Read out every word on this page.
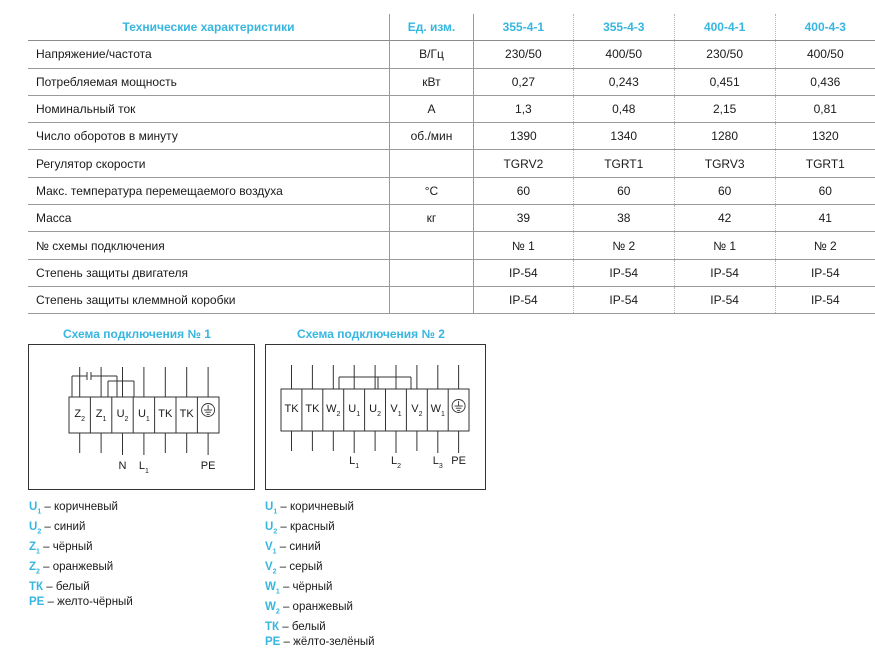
Технические характеристики	Ед. изм.	355-4-1	355-4-3	400-4-1	400-4-3
Напряжение/частота	В/Гц	230/50	400/50	230/50	400/50
Потребляемая мощность	кВт	0,27	0,243	0,451	0,436
Номинальный ток	А	1,3	0,48	2,15	0,81
Число оборотов в минуту	об./мин	1390	1340	1280	1320
Регулятор скорости		TGRV2	TGRT1	TGRV3	TGRT1
Макс. температура перемещаемого воздуха	°С	60	60	60	60
Масса	кг	39	38	42	41
№ схемы подключения		№ 1	№ 2	№ 1	№ 2
Степень защиты двигателя		IP-54	IP-54	IP-54	IP-54
Степень защиты клеммной коробки		IP-54	IP-54	IP-54	IP-54
Схема подключения № 1
$Z_2$ $Z_1$ $U_2$ $U_1$ TK TK
N $L_1$	PE
Схема подключения № 2
TK TK $W_2$ $U_1$ $U_2$ $V_1$ $V_2$ $W_1$
$L_1$	$L_2$	$L_3$ PE
$U_1$ – коричневый
$U_2$ – синий
$Z_1$ – чёрный
$Z_2$ – оранжевый
ТК – белый
PE – желто-чёрный
$U_1$ – коричневый
$U_2$ – красный
$V_1$ – синий
$V_2$ – серый
$W_1$ – чёрный
$W_2$ – оранжевый
ТК – белый
PE – жёлто-зелёный
